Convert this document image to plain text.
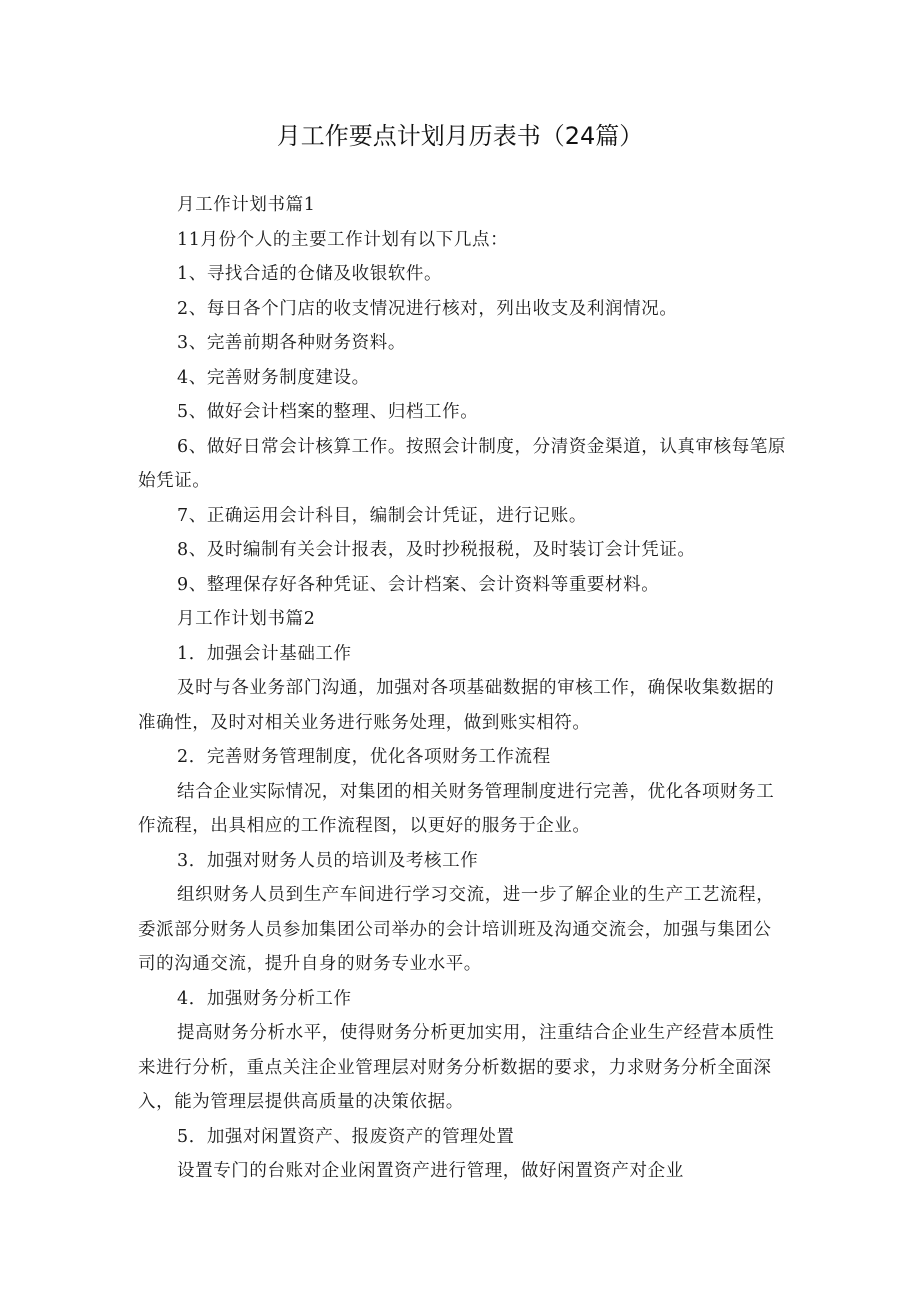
月工作要点计划月历表书（24篇）

月工作计划书篇1

11月份个人的主要工作计划有以下几点：

1、寻找合适的仓储及收银软件。

2、每日各个门店的收支情况进行核对，列出收支及利润情况。

3、完善前期各种财务资料。

4、完善财务制度建设。

5、做好会计档案的整理、归档工作。

6、做好日常会计核算工作。按照会计制度，分清资金渠道，认真审核每笔原始凭证。

7、正确运用会计科目，编制会计凭证，进行记账。

8、及时编制有关会计报表，及时抄税报税，及时装订会计凭证。

9、整理保存好各种凭证、会计档案、会计资料等重要材料。

月工作计划书篇2

1．加强会计基础工作

及时与各业务部门沟通，加强对各项基础数据的审核工作，确保收集数据的准确性，及时对相关业务进行账务处理，做到账实相符。

2．完善财务管理制度，优化各项财务工作流程

结合企业实际情况，对集团的相关财务管理制度进行完善，优化各项财务工作流程，出具相应的工作流程图，以更好的服务于企业。

3．加强对财务人员的培训及考核工作

组织财务人员到生产车间进行学习交流，进一步了解企业的生产工艺流程，委派部分财务人员参加集团公司举办的会计培训班及沟通交流会，加强与集团公司的沟通交流，提升自身的财务专业水平。

4．加强财务分析工作

提高财务分析水平，使得财务分析更加实用，注重结合企业生产经营本质性来进行分析，重点关注企业管理层对财务分析数据的要求，力求财务分析全面深入，能为管理层提供高质量的决策依据。

5．加强对闲置资产、报废资产的管理处置

设置专门的台账对企业闲置资产进行管理，做好闲置资产对企业
